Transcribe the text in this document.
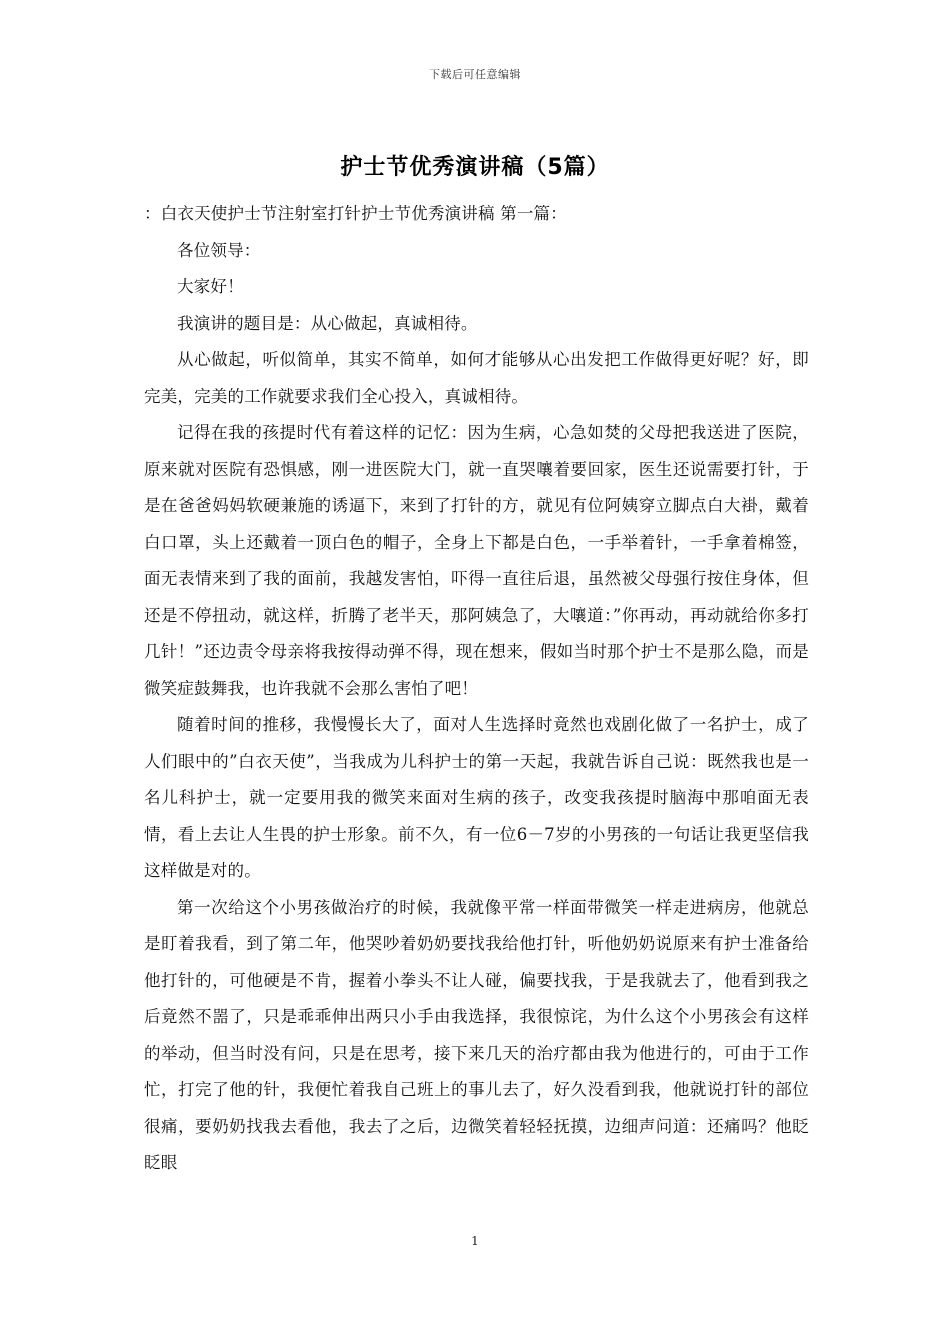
下载后可任意编辑
护士节优秀演讲稿（5篇）

：白衣天使护士节注射室打针护士节优秀演讲稿 第一篇：

各位领导：

大家好！

我演讲的题目是：从心做起，真诚相待。

从心做起，听似简单，其实不简单，如何才能够从心出发把工作做得更好呢？好，即完美，完美的工作就要求我们全心投入，真诚相待。

记得在我的孩提时代有着这样的记忆：因为生病，心急如焚的父母把我送进了医院，原来就对医院有恐惧感，刚一进医院大门，就一直哭嚷着要回家，医生还说需要打针，于是在爸爸妈妈软硬兼施的诱逼下，来到了打针的方，就见有位阿姨穿立脚点白大褂，戴着白口罩，头上还戴着一顶白色的帽子，全身上下都是白色，一手举着针，一手拿着棉签，面无表情来到了我的面前，我越发害怕，吓得一直往后退，虽然被父母强行按住身体，但还是不停扭动，就这样，折腾了老半天，那阿姨急了，大嚷道：”你再动，再动就给你多打几针！”还边责令母亲将我按得动弹不得，现在想来，假如当时那个护士不是那么隐，而是微笑症鼓舞我，也许我就不会那么害怕了吧！

随着时间的推移，我慢慢长大了，面对人生选择时竟然也戏剧化做了一名护士，成了人们眼中的”白衣天使”，当我成为儿科护士的第一天起，我就告诉自己说：既然我也是一名儿科护士，就一定要用我的微笑来面对生病的孩子，改变我孩提时脑海中那咱面无表情，看上去让人生畏的护士形象。前不久，有一位6－7岁的小男孩的一句话让我更坚信我这样做是对的。

第一次给这个小男孩做治疗的时候，我就像平常一样面带微笑一样走进病房，他就总是盯着我看，到了第二年，他哭吵着奶奶要找我给他打针，听他奶奶说原来有护士准备给他打针的，可他硬是不肯，握着小拳头不让人碰，偏要找我，于是我就去了，他看到我之后竟然不噐了，只是乖乖伸出两只小手由我选择，我很惊诧，为什么这个小男孩会有这样的举动，但当时没有问，只是在思考，接下来几天的治疗都由我为他进行的，可由于工作忙，打完了他的针，我便忙着我自己班上的事儿去了，好久没看到我，他就说打针的部位很痛，要奶奶找我去看他，我去了之后，边微笑着轻轻抚摸，边细声问道：还痛吗？他眨眨眼

1
